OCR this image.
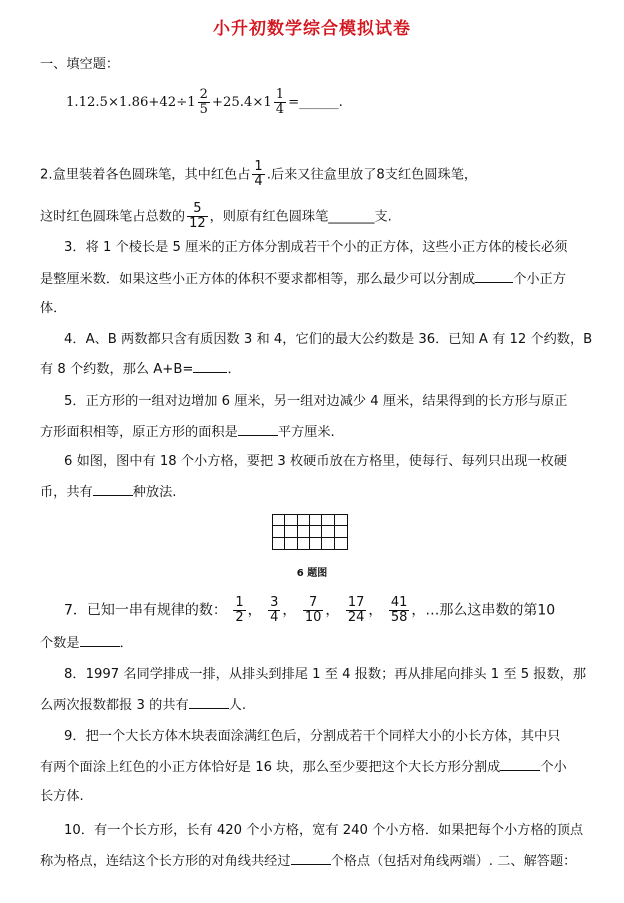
小升初数学综合模拟试卷
一、填空题：
$1.12.5\times 1.86+42\div 1 \frac{2}{5} +25.4\times 1 \frac{1}{4}$ =______.
2.盒里装着各色圆珠笔，其中红色占 $\frac{1}{4}$ .后来又往盒里放了8支红色圆珠笔，
这时红色圆珠笔占总数的 $\frac{5}{12}$ ，则原有红色圆珠笔_______支.
3．将 1 个棱长是 5 厘米的正方体分割成若干个小的正方体，这些小正方体的棱长必须
是整厘米数．如果这些小正方体的体积不要求都相等，那么最少可以分割成	个小正方
体．
4．A、B 两数都只含有质因数 3 和 4，它们的最大公约数是 36．已知 A 有 12 个约数，B
有 8 个约数，那么 A+B=	．
5．正方形的一组对边增加 6 厘米，另一组对边减少 4 厘米，结果得到的长方形与原正
方形面积相等，原正方形的面积是	平方厘米.
6 如图，图中有 18 个小方格，要把 3 枚硬币放在方格里，使每行、每列只出现一枚硬
币，共有	种放法.
6 题图
7．已知一串有规律的数： $\frac{1}{2}$ ， $\frac{3}{4}$ ， $\frac{7}{10}$ ， $\frac{17}{24}$ ， $\frac{41}{58}$ ，…那么这串数的第10
个数是	．
8．1997 名同学排成一排，从排头到排尾 1 至 4 报数；再从排尾向排头 1 至 5 报数，那
么两次报数都报 3 的共有	人.
9．把一个大长方体木块表面涂满红色后，分割成若干个同样大小的小长方体，其中只
有两个面涂上红色的小正方体恰好是 16 块，那么至少要把这个大长方形分割成	个小
长方体.
10．有一个长方形，长有 420 个小方格，宽有 240 个小方格．如果把每个小方格的顶点
称为格点，连结这个长方形的对角线共经过	个格点（包括对角线两端）. 二、解答题：
